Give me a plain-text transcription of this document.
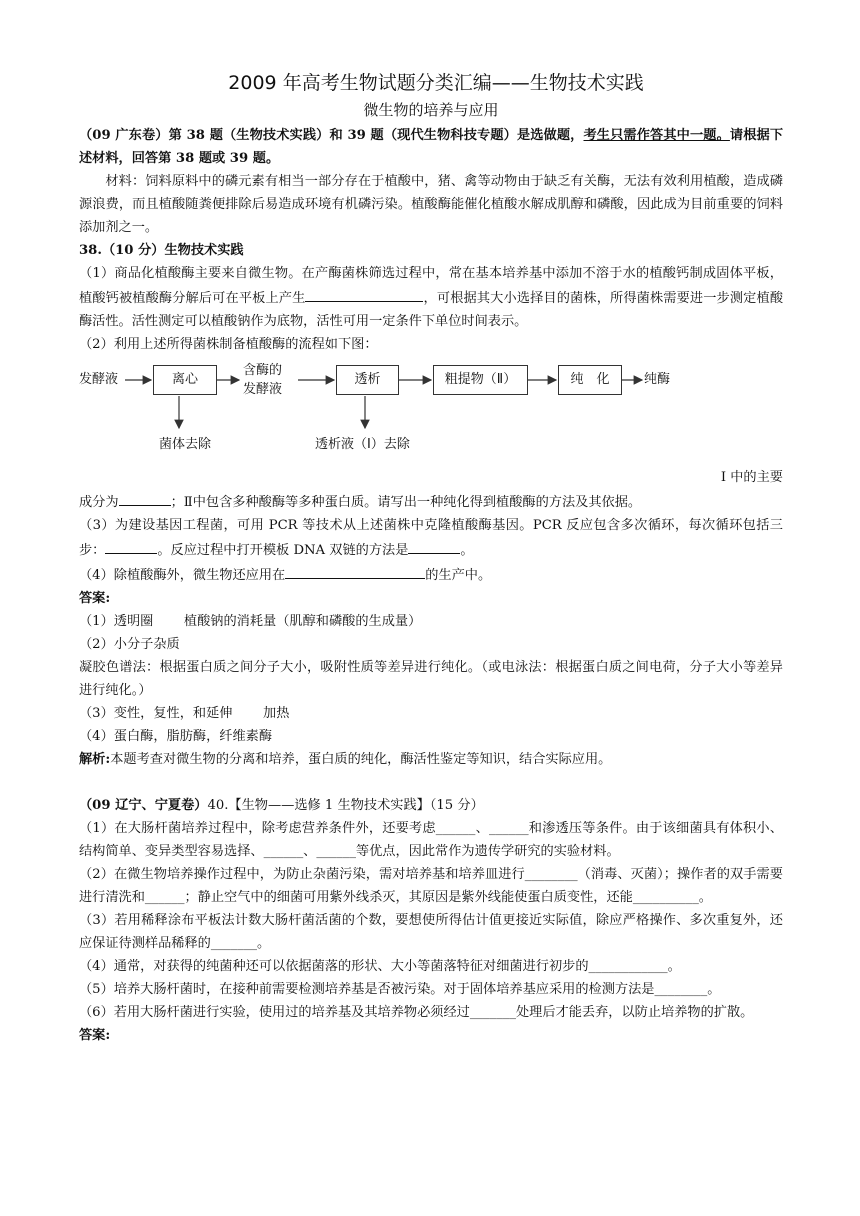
2009 年高考生物试题分类汇编——生物技术实践
微生物的培养与应用

（09 广东卷）第 38 题（生物技术实践）和 39 题（现代生物科技专题）是选做题，考生只需作答其中一题。请根据下述材料，回答第 38 题或 39 题。

材料：饲料原料中的磷元素有相当一部分存在于植酸中，猪、禽等动物由于缺乏有关酶，无法有效利用植酸，造成磷源浪费，而且植酸随粪便排除后易造成环境有机磷污染。植酸酶能催化植酸水解成肌醇和磷酸，因此成为目前重要的饲料添加剂之一。

38.（10 分）生物技术实践

（1）商品化植酸酶主要来自微生物。在产酶菌株筛选过程中，常在基本培养基中添加不溶于水的植酸钙制成固体平板，植酸钙被植酸酶分解后可在平板上产生	，可根据其大小选择目的菌株，所得菌株需要进一步测定植酸酶活性。活性测定可以植酸钠作为底物，活性可用一定条件下单位时间表示。

（2）利用上述所得菌株制备植酸酶的流程如下图：

发酵液	离心
含酶的
发酵液
透析	粗提物（Ⅱ）	纯　化	纯酶
菌体去除	透析液（Ⅰ）去除

Ⅰ 中的主要

成分为	；Ⅱ中包含多种酸酶等多种蛋白质。请写出一种纯化得到植酸酶的方法及其依据。

（3）为建设基因工程菌，可用 PCR 等技术从上述菌株中克隆植酸酶基因。PCR 反应包含多次循环，每次循环包括三步：	。反应过程中打开模板 DNA 双链的方法是	。

（4）除植酸酶外，微生物还应用在	的生产中。

答案:

（1）透明圈　　 植酸钠的消耗量（肌醇和磷酸的生成量）

（2）小分子杂质

凝胶色谱法：根据蛋白质之间分子大小，吸附性质等差异进行纯化。（或电泳法：根据蛋白质之间电荷，分子大小等差异进行纯化。）

（3）变性，复性，和延伸　　 加热

（4）蛋白酶，脂肪酶，纤维素酶

解析:本题考查对微生物的分离和培养，蛋白质的纯化，酶活性鉴定等知识，结合实际应用。

（09 辽宁、宁夏卷）40.【生物——选修 1 生物技术实践】（15 分）

（1）在大肠杆菌培养过程中，除考虑营养条件外，还要考虑______、______和渗透压等条件。由于该细菌具有体积小、结构简单、变异类型容易选择、______、______等优点，因此常作为遗传学研究的实验材料。

（2）在微生物培养操作过程中，为防止杂菌污染，需对培养基和培养皿进行________（消毒、灭菌）；操作者的双手需要进行清洗和______；静止空气中的细菌可用紫外线杀灭，其原因是紫外线能使蛋白质变性，还能__________。

（3）若用稀释涂布平板法计数大肠杆菌活菌的个数，要想使所得估计值更接近实际值，除应严格操作、多次重复外，还应保证待测样品稀释的_______。

（4）通常，对获得的纯菌种还可以依据菌落的形状、大小等菌落特征对细菌进行初步的____________。

（5）培养大肠杆菌时，在接种前需要检测培养基是否被污染。对于固体培养基应采用的检测方法是________。

（6）若用大肠杆菌进行实验，使用过的培养基及其培养物必须经过_______处理后才能丢弃，以防止培养物的扩散。

答案:
